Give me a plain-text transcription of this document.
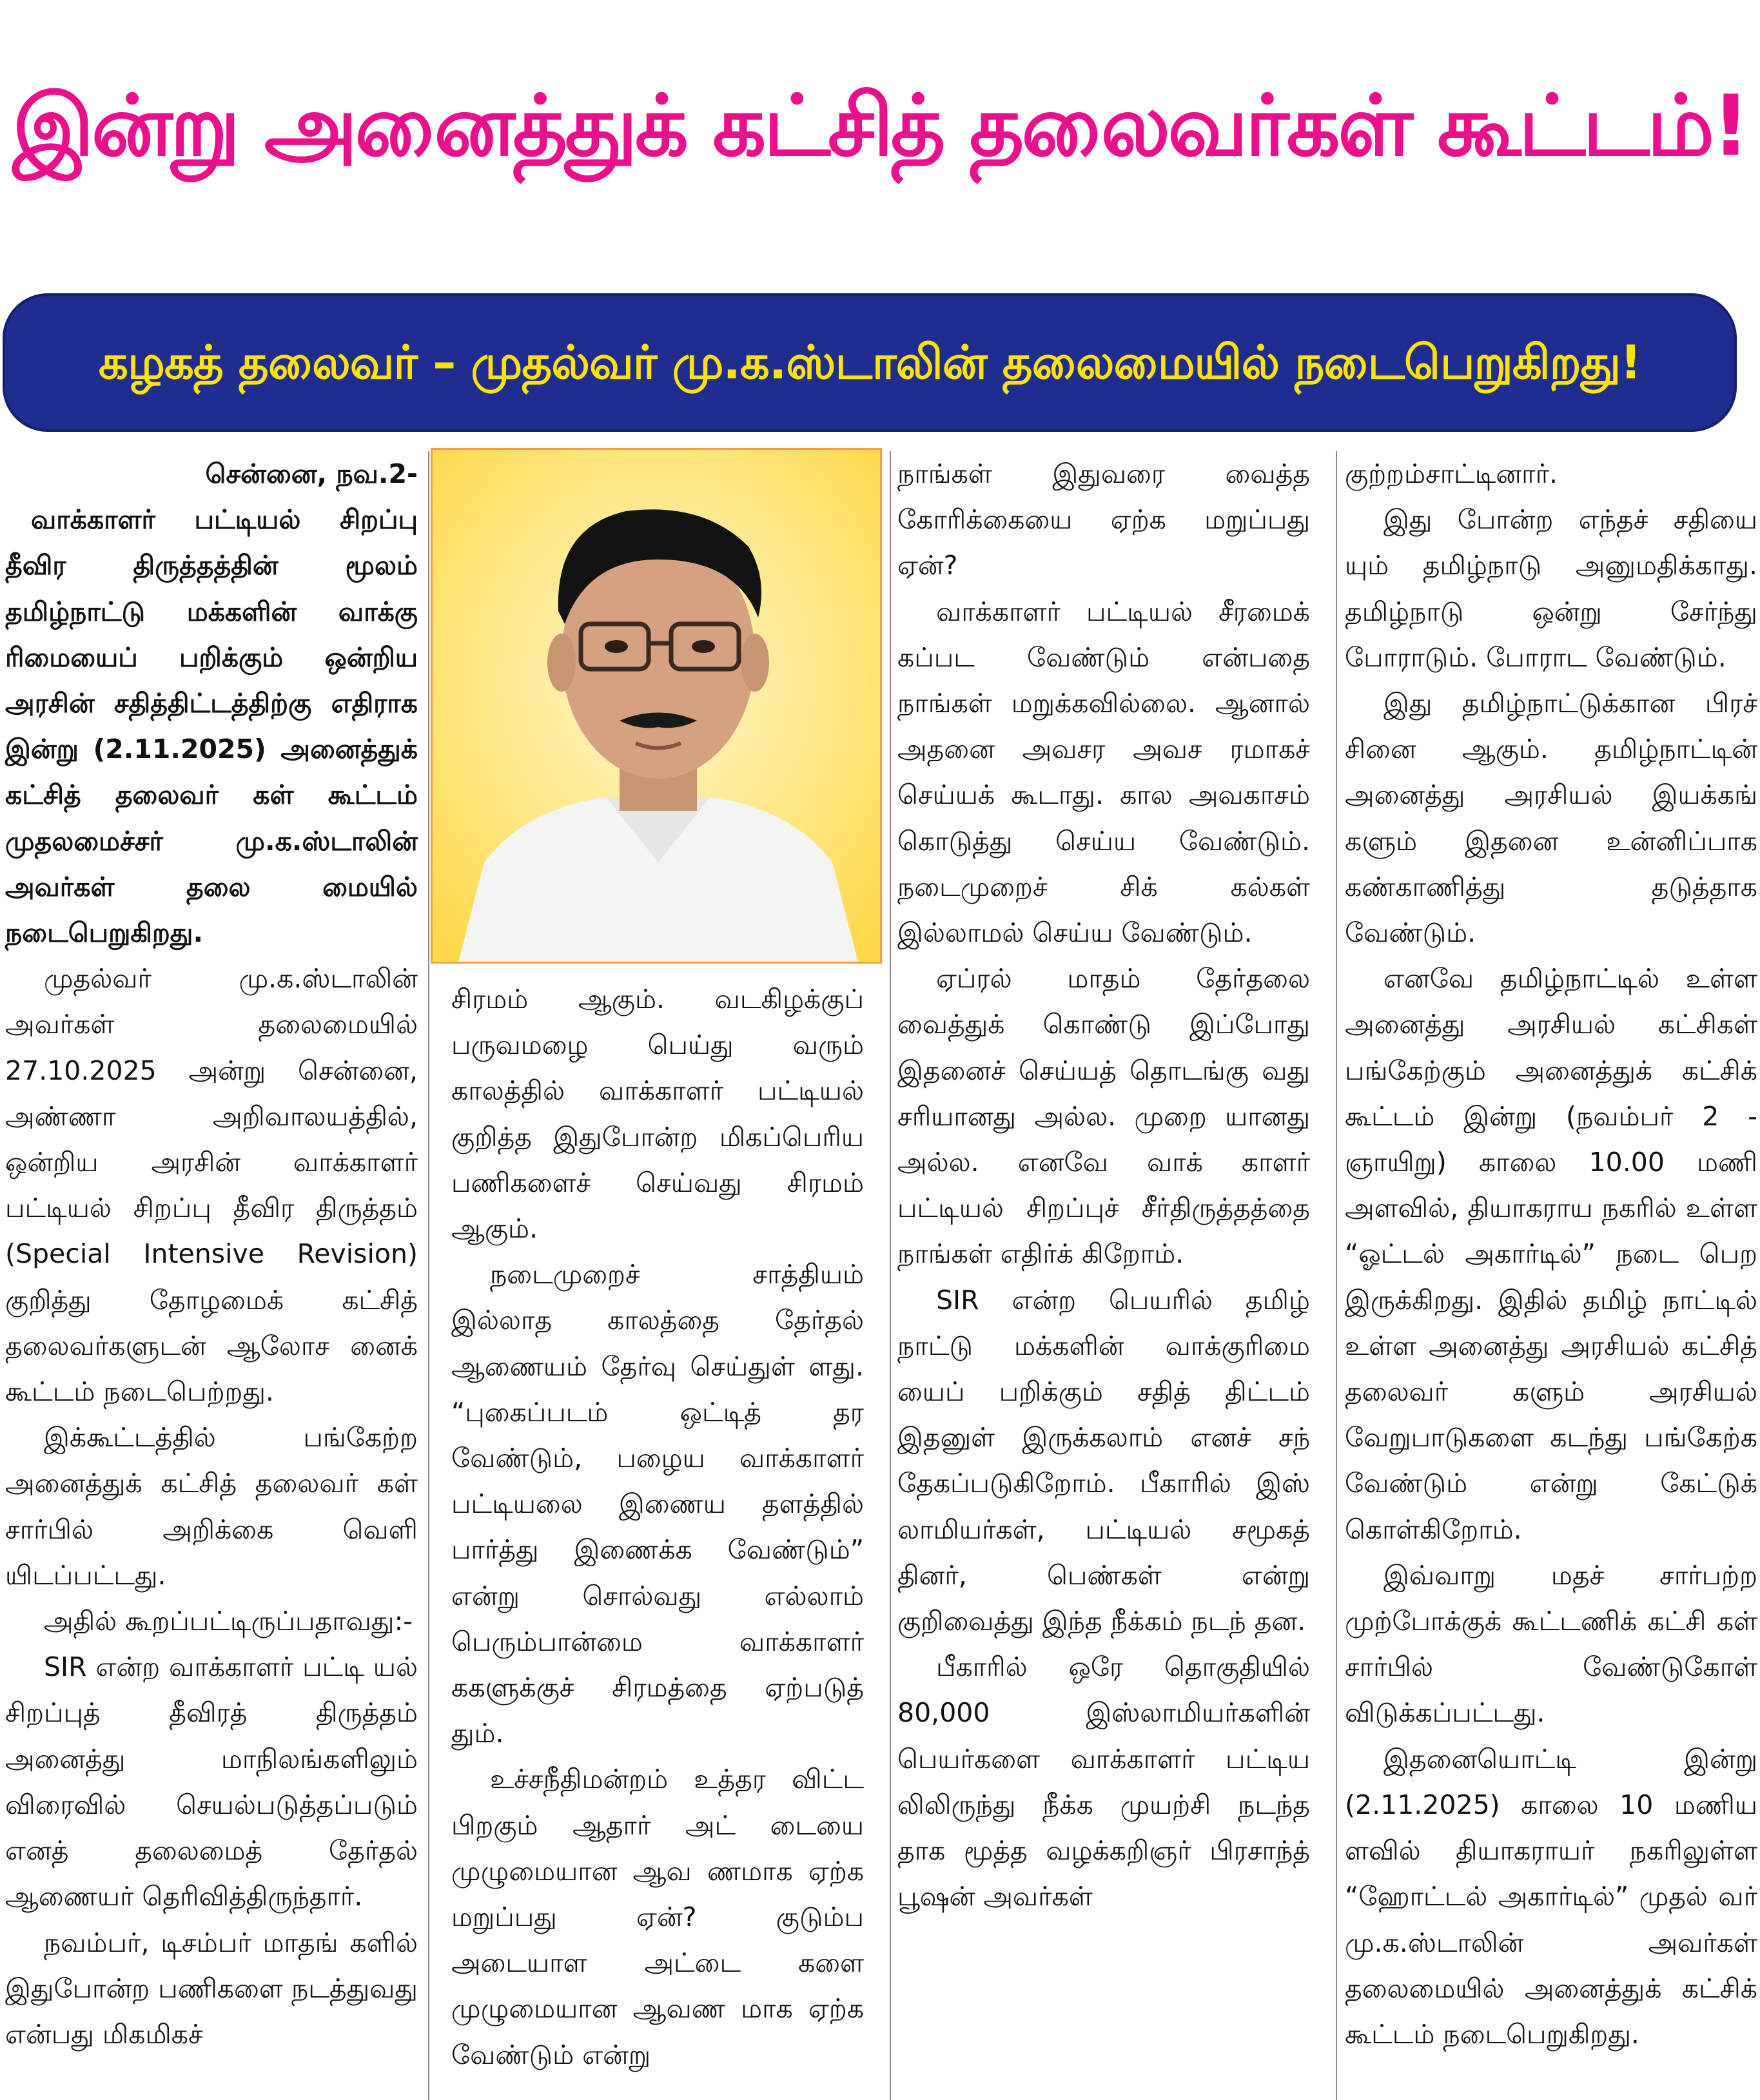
இன்று அனைத்துக் கட்சித் தலைவர்கள் கூட்டம்!
கழகத் தலைவர் – முதல்வர் மு.க.ஸ்டாலின் தலைமையில் நடைபெறுகிறது!

சென்னை, நவ.2-

வாக்காளர் பட்டியல் சிறப்பு தீவிர திருத்தத்தின் மூலம் தமிழ்நாட்டு மக்களின் வாக்கு ரிமையைப் பறிக்கும் ஒன்றிய அரசின் சதித்திட்டத்திற்கு எதிராக இன்று (2.11.2025) அனைத்துக் கட்சித் தலைவர் கள் கூட்டம் முதலமைச்சர் மு.க.ஸ்டாலின் அவர்கள் தலை மையில் நடைபெறுகிறது.

முதல்வர் மு.க.ஸ்டாலின் அவர்கள் தலைமையில் 27.10.2025 அன்று சென்னை, அண்ணா அறிவாலயத்தில், ஒன்றிய அரசின் வாக்காளர் பட்டியல் சிறப்பு தீவிர திருத்தம் (Special Intensive Revision) குறித்து தோழமைக் கட்சித் தலைவர்களுடன் ஆலோச னைக் கூட்டம் நடைபெற்றது.

இக்கூட்டத்தில் பங்கேற்ற அனைத்துக் கட்சித் தலைவர் கள் சார்பில் அறிக்கை வெளி யிடப்பட்டது.

அதில் கூறப்பட்டிருப்பதாவது:-

SIR என்ற வாக்காளர் பட்டி யல் சிறப்புத் தீவிரத் திருத்தம் அனைத்து மாநிலங்களிலும் விரைவில் செயல்படுத்தப்படும் எனத் தலைமைத் தேர்தல் ஆணையர் தெரிவித்திருந்தார்.

நவம்பர், டிசம்பர் மாதங் களில் இதுபோன்ற பணிகளை நடத்துவது என்பது மிகமிகச்

சிரமம் ஆகும். வடகிழக்குப் பருவமழை பெய்து வரும் காலத்தில் வாக்காளர் பட்டியல் குறித்த இதுபோன்ற மிகப்பெரிய பணிகளைச் செய்வது சிரமம் ஆகும்.

நடைமுறைச் சாத்தியம் இல்லாத காலத்தை தேர்தல் ஆணையம் தேர்வு செய்துள் ளது. “புகைப்படம் ஒட்டித் தர வேண்டும், பழைய வாக்காளர் பட்டியலை இணைய தளத்தில் பார்த்து இணைக்க வேண்டும்” என்று சொல்வது எல்லாம் பெரும்பான்மை வாக்காளர் ககளுக்குச் சிரமத்தை ஏற்படுத் தும்.

உச்சநீதிமன்றம் உத்தர விட்ட பிறகும் ஆதார் அட் டையை முழுமையான ஆவ ணமாக ஏற்க மறுப்பது ஏன்? குடும்ப அடையாள அட்டை களை முழுமையான ஆவண மாக ஏற்க வேண்டும் என்று

நாங்கள் இதுவரை வைத்த கோரிக்கையை ஏற்க மறுப்பது ஏன்?

வாக்காளர் பட்டியல் சீரமைக் கப்பட வேண்டும் என்பதை நாங்கள் மறுக்கவில்லை. ஆனால் அதனை அவசர அவச ரமாகச் செய்யக் கூடாது. கால அவகாசம் கொடுத்து செய்ய வேண்டும். நடைமுறைச் சிக் கல்கள் இல்லாமல் செய்ய வேண்டும்.

ஏப்ரல் மாதம் தேர்தலை வைத்துக் கொண்டு இப்போது இதனைச் செய்யத் தொடங்கு வது சரியானது அல்ல. முறை யானது அல்ல. எனவே வாக் காளர் பட்டியல் சிறப்புச் சீர்திருத்தத்தை நாங்கள் எதிர்க் கிறோம்.

SIR என்ற பெயரில் தமிழ் நாட்டு மக்களின் வாக்குரிமை யைப் பறிக்கும் சதித் திட்டம் இதனுள் இருக்கலாம் எனச் சந் தேகப்படுகிறோம். பீகாரில் இஸ் லாமியர்கள், பட்டியல் சமூகத் தினர், பெண்கள் என்று குறிவைத்து இந்த நீக்கம் நடந் தன.

பீகாரில் ஒரே தொகுதியில் 80,000 இஸ்லாமியர்களின் பெயர்களை வாக்காளர் பட்டிய லிலிருந்து நீக்க முயற்சி நடந்த தாக மூத்த வழக்கறிஞர் பிரசாந்த் பூஷன் அவர்கள்

குற்றம்சாட்டினார்.

இது போன்ற எந்தச் சதியை யும் தமிழ்நாடு அனுமதிக்காது. தமிழ்நாடு ஒன்று சேர்ந்து போராடும். போராட வேண்டும்.

இது தமிழ்நாட்டுக்கான பிரச் சினை ஆகும். தமிழ்நாட்டின் அனைத்து அரசியல் இயக்கங் களும் இதனை உன்னிப்பாக கண்காணித்து தடுத்தாக வேண்டும்.

எனவே தமிழ்நாட்டில் உள்ள அனைத்து அரசியல் கட்சிகள் பங்கேற்கும் அனைத்துக் கட்சிக் கூட்டம் இன்று (நவம்பர் 2 - ஞாயிறு) காலை 10.00 மணி அளவில், தியாகராய நகரில் உள்ள “ஓட்டல் அகார்டில்” நடை பெற இருக்கிறது. இதில் தமிழ் நாட்டில் உள்ள அனைத்து அரசியல் கட்சித் தலைவர் களும் அரசியல் வேறுபாடுகளை கடந்து பங்கேற்க வேண்டும் என்று கேட்டுக் கொள்கிறோம்.

இவ்வாறு மதச் சார்பற்ற முற்போக்குக் கூட்டணிக் கட்சி கள் சார்பில் வேண்டுகோள் விடுக்கப்பட்டது.

இதனையொட்டி இன்று (2.11.2025) காலை 10 மணிய ளவில் தியாகராயர் நகரிலுள்ள “ஹோட்டல் அகார்டில்” முதல் வர் மு.க.ஸ்டாலின் அவர்கள் தலைமையில் அனைத்துக் கட்சிக் கூட்டம் நடைபெறுகிறது.
